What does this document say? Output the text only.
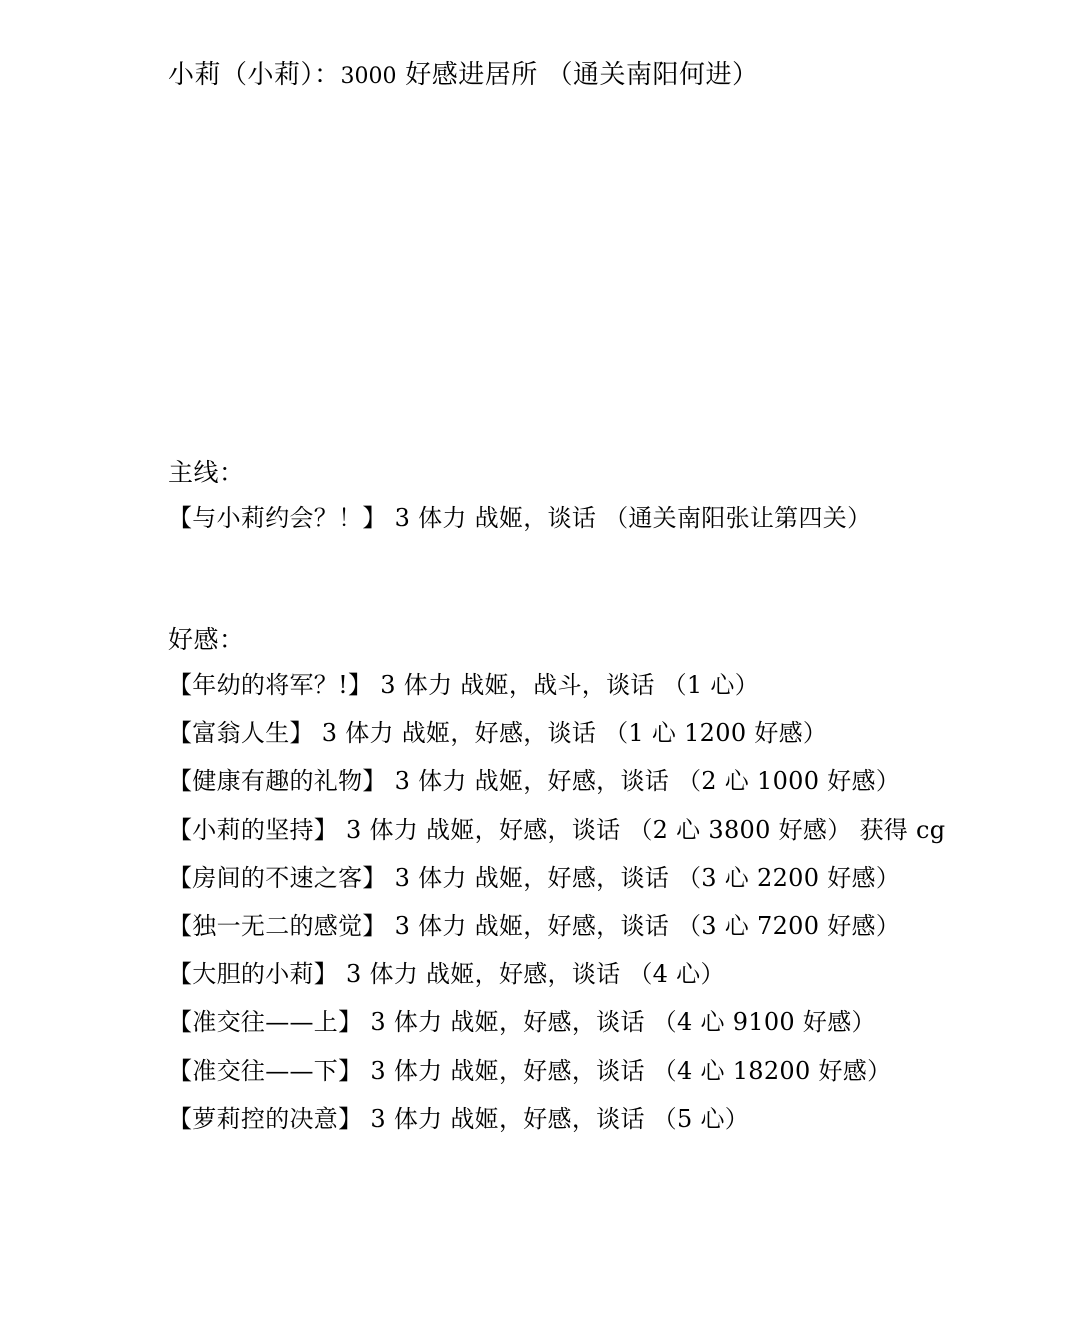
小莉（小莉）：3000 好感进居所 （通关南阳何进）
主线：
【与小莉约会？！】 3 体力 战姬，谈话 （通关南阳张让第四关）
好感：
【年幼的将军？!】 3 体力 战姬，战斗，谈话 （1 心）
【富翁人生】 3 体力 战姬，好感，谈话 （1 心 1200 好感）
【健康有趣的礼物】 3 体力 战姬，好感，谈话 （2 心 1000 好感）
【小莉的坚持】 3 体力 战姬，好感，谈话 （2 心 3800 好感） 获得 cg
【房间的不速之客】 3 体力 战姬，好感，谈话 （3 心 2200 好感）
【独一无二的感觉】 3 体力 战姬，好感，谈话 （3 心 7200 好感）
【大胆的小莉】 3 体力 战姬，好感，谈话 （4 心）
【准交往——上】 3 体力 战姬，好感，谈话 （4 心 9100 好感）
【准交往——下】 3 体力 战姬，好感，谈话 （4 心 18200 好感）
【萝莉控的决意】 3 体力 战姬，好感，谈话 （5 心）
